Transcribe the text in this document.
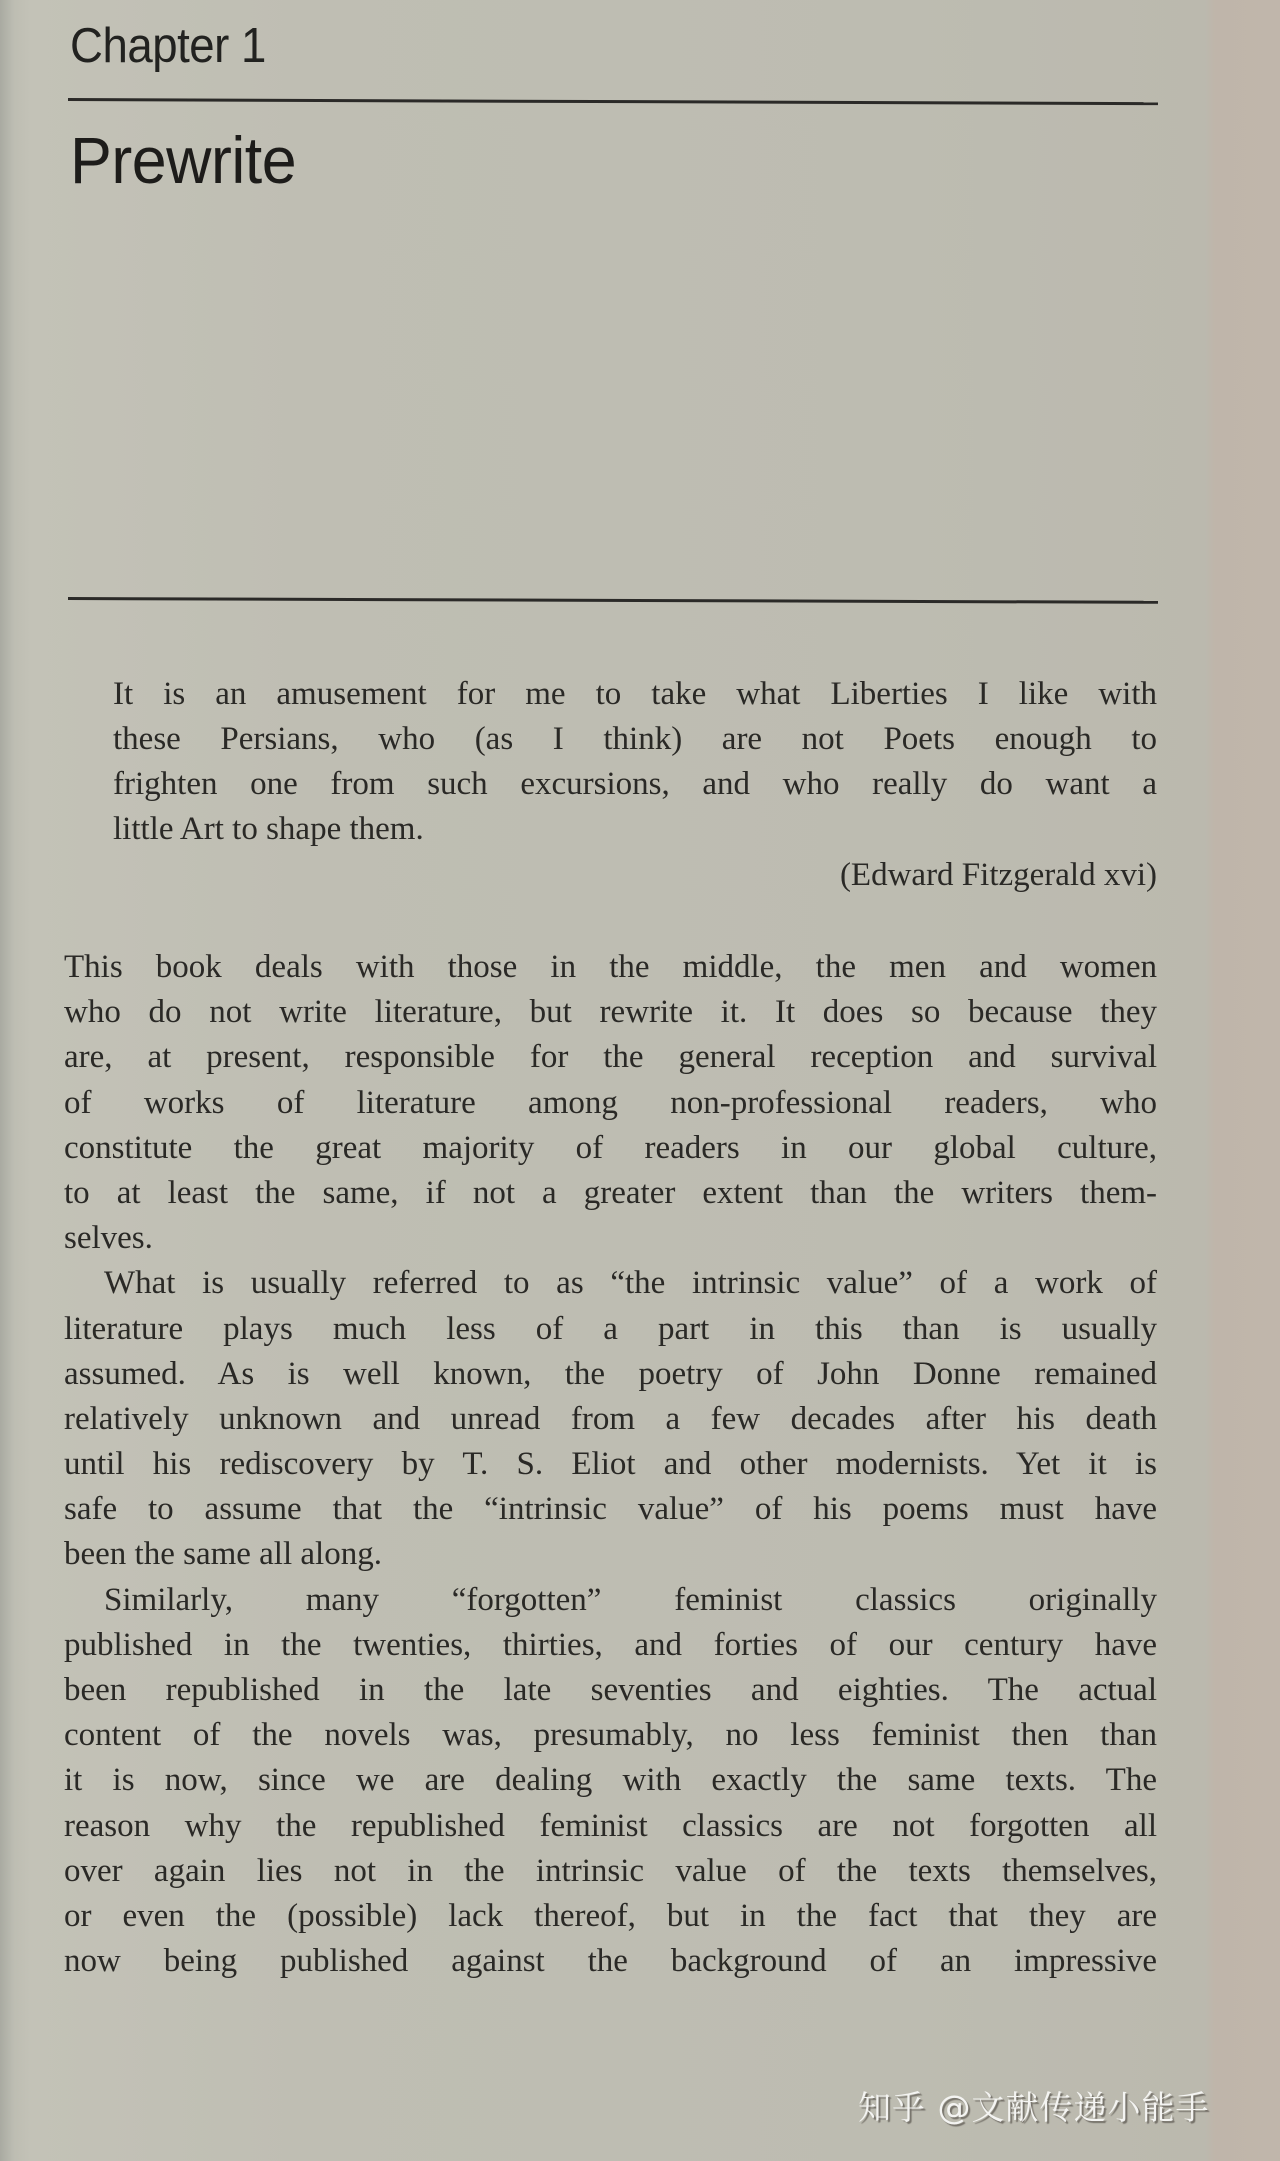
Chapter 1
Prewrite
It is an amusement for me to take what Liberties I like with
these Persians, who (as I think) are not Poets enough to
frighten one from such excursions, and who really do want a
little Art to shape them.
(Edward Fitzgerald xvi)
This book deals with those in the middle, the men and women
who do not write literature, but rewrite it. It does so because they
are, at present, responsible for the general reception and survival
of works of literature among non-professional readers, who
constitute the great majority of readers in our global culture,
to at least the same, if not a greater extent than the writers them-
selves.
What is usually referred to as “the intrinsic value” of a work of
literature plays much less of a part in this than is usually
assumed. As is well known, the poetry of John Donne remained
relatively unknown and unread from a few decades after his death
until his rediscovery by T. S. Eliot and other modernists. Yet it is
safe to assume that the “intrinsic value” of his poems must have
been the same all along.
Similarly, many “forgotten” feminist classics originally
published in the twenties, thirties, and forties of our century have
been republished in the late seventies and eighties. The actual
content of the novels was, presumably, no less feminist then than
it is now, since we are dealing with exactly the same texts. The
reason why the republished feminist classics are not forgotten all
over again lies not in the intrinsic value of the texts themselves,
or even the (possible) lack thereof, but in the fact that they are
now being published against the background of an impressive
知乎 @文献传递小能手
